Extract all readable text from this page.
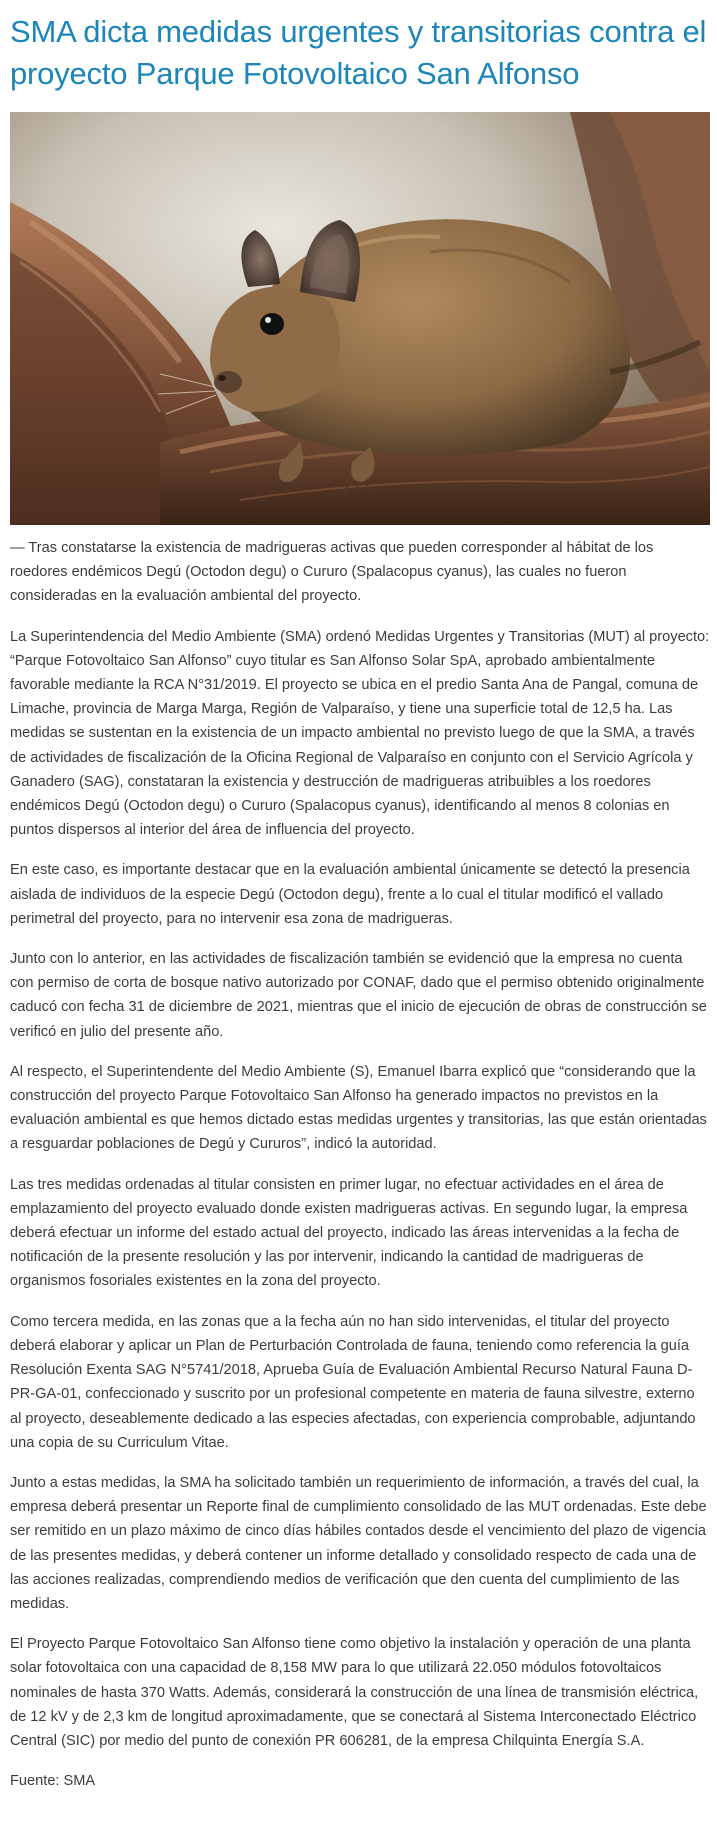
SMA dicta medidas urgentes y transitorias contra el proyecto Parque Fotovoltaico San Alfonso

— Tras constatarse la existencia de madrigueras activas que pueden corresponder al hábitat de los roedores endémicos Degú (Octodon degu) o Cururo (Spalacopus cyanus), las cuales no fueron consideradas en la evaluación ambiental del proyecto.

La Superintendencia del Medio Ambiente (SMA) ordenó Medidas Urgentes y Transitorias (MUT) al proyecto: “Parque Fotovoltaico San Alfonso” cuyo titular es San Alfonso Solar SpA, aprobado ambientalmente favorable mediante la RCA N°31/2019. El proyecto se ubica en el predio Santa Ana de Pangal, comuna de Limache, provincia de Marga Marga, Región de Valparaíso, y tiene una superficie total de 12,5 ha. Las medidas se sustentan en la existencia de un impacto ambiental no previsto luego de que la SMA, a través de actividades de fiscalización de la Oficina Regional de Valparaíso en conjunto con el Servicio Agrícola y Ganadero (SAG), constataran la existencia y destrucción de madrigueras atribuibles a los roedores endémicos Degú (Octodon degu) o Cururo (Spalacopus cyanus), identificando al menos 8 colonias en puntos dispersos al interior del área de influencia del proyecto.

En este caso, es importante destacar que en la evaluación ambiental únicamente se detectó la presencia aislada de individuos de la especie Degú (Octodon degu), frente a lo cual el titular modificó el vallado perimetral del proyecto, para no intervenir esa zona de madrigueras.

Junto con lo anterior, en las actividades de fiscalización también se evidenció que la empresa no cuenta con permiso de corta de bosque nativo autorizado por CONAF, dado que el permiso obtenido originalmente caducó con fecha 31 de diciembre de 2021, mientras que el inicio de ejecución de obras de construcción se verificó en julio del presente año.

Al respecto, el Superintendente del Medio Ambiente (S), Emanuel Ibarra explicó que “considerando que la construcción del proyecto Parque Fotovoltaico San Alfonso ha generado impactos no previstos en la evaluación ambiental es que hemos dictado estas medidas urgentes y transitorias, las que están orientadas a resguardar poblaciones de Degú y Cururos”, indicó la autoridad.

Las tres medidas ordenadas al titular consisten en primer lugar, no efectuar actividades en el área de emplazamiento del proyecto evaluado donde existen madrigueras activas. En segundo lugar, la empresa deberá efectuar un informe del estado actual del proyecto, indicado las áreas intervenidas a la fecha de notificación de la presente resolución y las por intervenir, indicando la cantidad de madrigueras de organismos fosoriales existentes en la zona del proyecto.

Como tercera medida, en las zonas que a la fecha aún no han sido intervenidas, el titular del proyecto deberá elaborar y aplicar un Plan de Perturbación Controlada de fauna, teniendo como referencia la guía Resolución Exenta SAG N°5741/2018, Aprueba Guía de Evaluación Ambiental Recurso Natural Fauna D-PR-GA-01, confeccionado y suscrito por un profesional competente en materia de fauna silvestre, externo al proyecto, deseablemente dedicado a las especies afectadas, con experiencia comprobable, adjuntando una copia de su Curriculum Vitae.

Junto a estas medidas, la SMA ha solicitado también un requerimiento de información, a través del cual, la empresa deberá presentar un Reporte final de cumplimiento consolidado de las MUT ordenadas. Este debe ser remitido en un plazo máximo de cinco días hábiles contados desde el vencimiento del plazo de vigencia de las presentes medidas, y deberá contener un informe detallado y consolidado respecto de cada una de las acciones realizadas, comprendiendo medios de verificación que den cuenta del cumplimiento de las medidas.

El Proyecto Parque Fotovoltaico San Alfonso tiene como objetivo la instalación y operación de una planta solar fotovoltaica con una capacidad de 8,158 MW para lo que utilizará 22.050 módulos fotovoltaicos nominales de hasta 370 Watts. Además, considerará la construcción de una línea de transmisión eléctrica, de 12 kV y de 2,3 km de longitud aproximadamente, que se conectará al Sistema Interconectado Eléctrico Central (SIC) por medio del punto de conexión PR 606281, de la empresa Chilquinta Energía S.A.

Fuente: SMA
